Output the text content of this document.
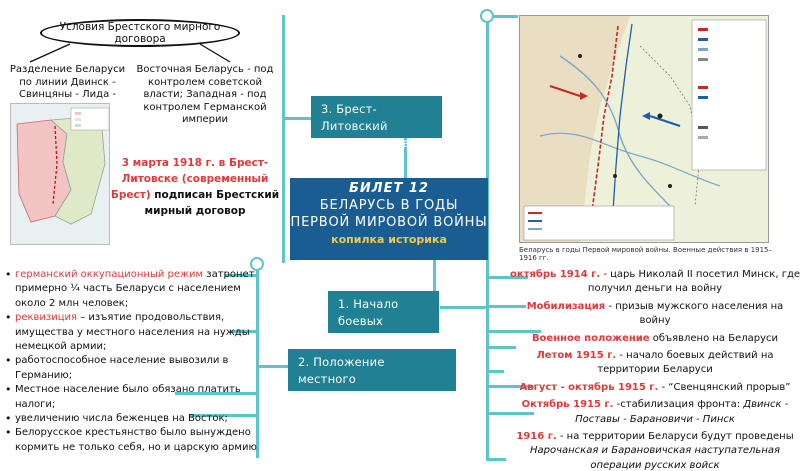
Условия Брестского мирного договора
Разделение Беларуси по линии Двинск - Свинцяны - Лида -
Восточная Беларусь - под контролем советской власти; Западная - под контролем Германской империи
3 марта 1918 г. в Брест-Литовске (современный Брест) подписан Брестский мирный договор
3. Брест-Литовский
мирный договор
1. Начало боевых
действий
2. Положение местного
населения
БИЛЕТ 12
БЕЛАРУСЬ В ГОДЫ
ПЕРВОЙ МИРОВОЙ ВОЙНЫ
копилка историка
Беларусь в годы Первой мировой войны. Военные действия в 1915–1916 гг.
• германский оккупационный режим затронет примерно ¼ часть Беларуси с населением около 2 млн человек;
• реквизиция – изъятие продовольствия, имущества у местного населения на нужды немецкой армии;
• работоспособное население вывозили в Германию;
• Местное население было обязано платить налоги;
• увеличению числа беженцев на Восток;
• Белорусское крестьянство было вынуждено кормить не только себя, но и царскую армию
октябрь 1914 г. - царь Николай II посетил Минск, где получил деньги на войну
Мобилизация - призыв мужского населения на войну
Военное положение объявлено на Беларуси
Летом 1915 г. - начало боевых действий на территории Беларуси
Август - октябрь 1915 г. - “Свенцянский прорыв”
Октябрь 1915 г. -стабилизация фронта: Двинск - Поставы - Барановичи - Пинск
1916 г. - на территории Беларуси будут проведены Нарочанская и Барановичская наступательная операции русских войск
